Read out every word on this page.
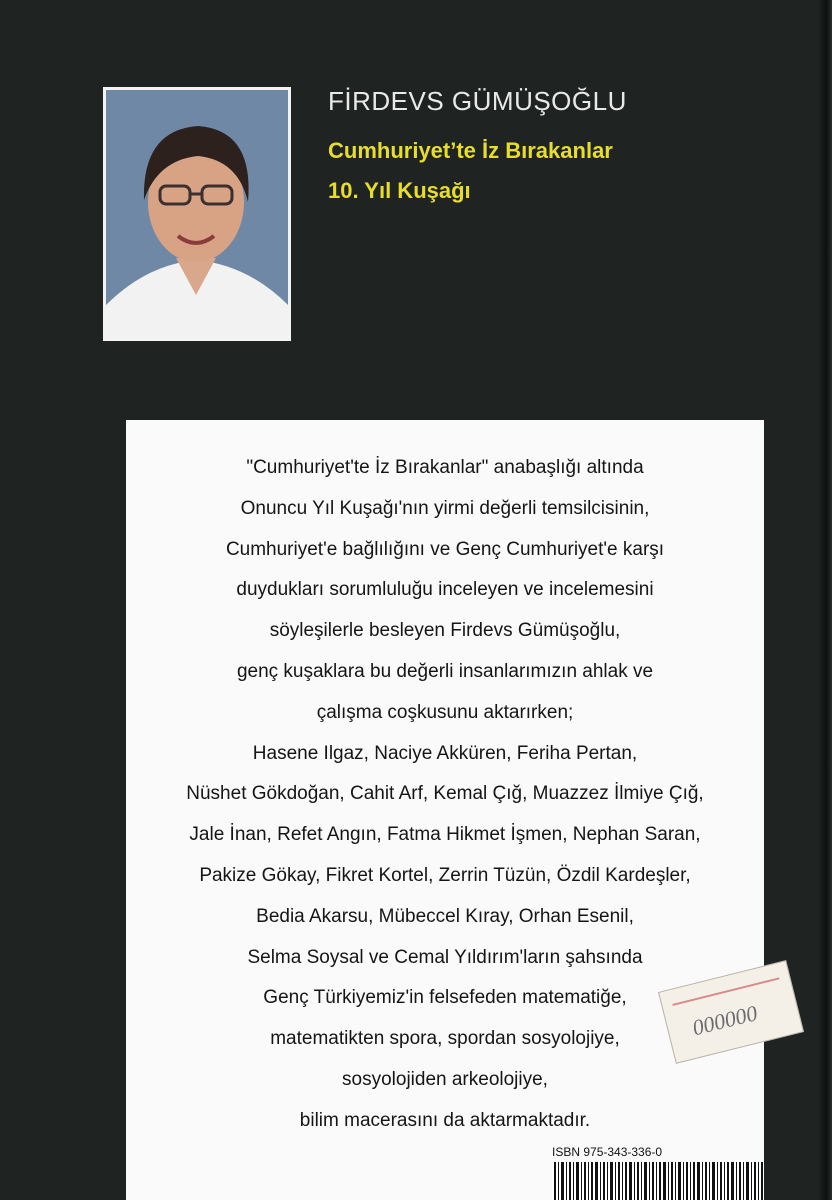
FİRDEVS GÜMÜŞOĞLU
Cumhuriyet’te İz Bırakanlar
10. Yıl Kuşağı
"Cumhuriyet'te İz Bırakanlar" anabaşlığı altında
Onuncu Yıl Kuşağı'nın yirmi değerli temsilcisinin,
Cumhuriyet'e bağlılığını ve Genç Cumhuriyet'e karşı
duydukları sorumluluğu inceleyen ve incelemesini
söyleşilerle besleyen Firdevs Gümüşoğlu,
genç kuşaklara bu değerli insanlarımızın ahlak ve
çalışma coşkusunu aktarırken;
Hasene Ilgaz, Naciye Akküren, Feriha Pertan,
Nüshet Gökdoğan, Cahit Arf, Kemal Çığ, Muazzez İlmiye Çığ,
Jale İnan, Refet Angın, Fatma Hikmet İşmen, Nephan Saran,
Pakize Gökay, Fikret Kortel, Zerrin Tüzün, Özdil Kardeşler,
Bedia Akarsu, Mübeccel Kıray, Orhan Esenil,
Selma Soysal ve Cemal Yıldırım'ların şahsında
Genç Türkiyemiz'in felsefeden matematiğe,
matematikten spora, spordan sosyolojiye,
sosyolojiden arkeolojiye,
bilim macerasını da aktarmaktadır.
000000

ISBN 975-343-336-0
